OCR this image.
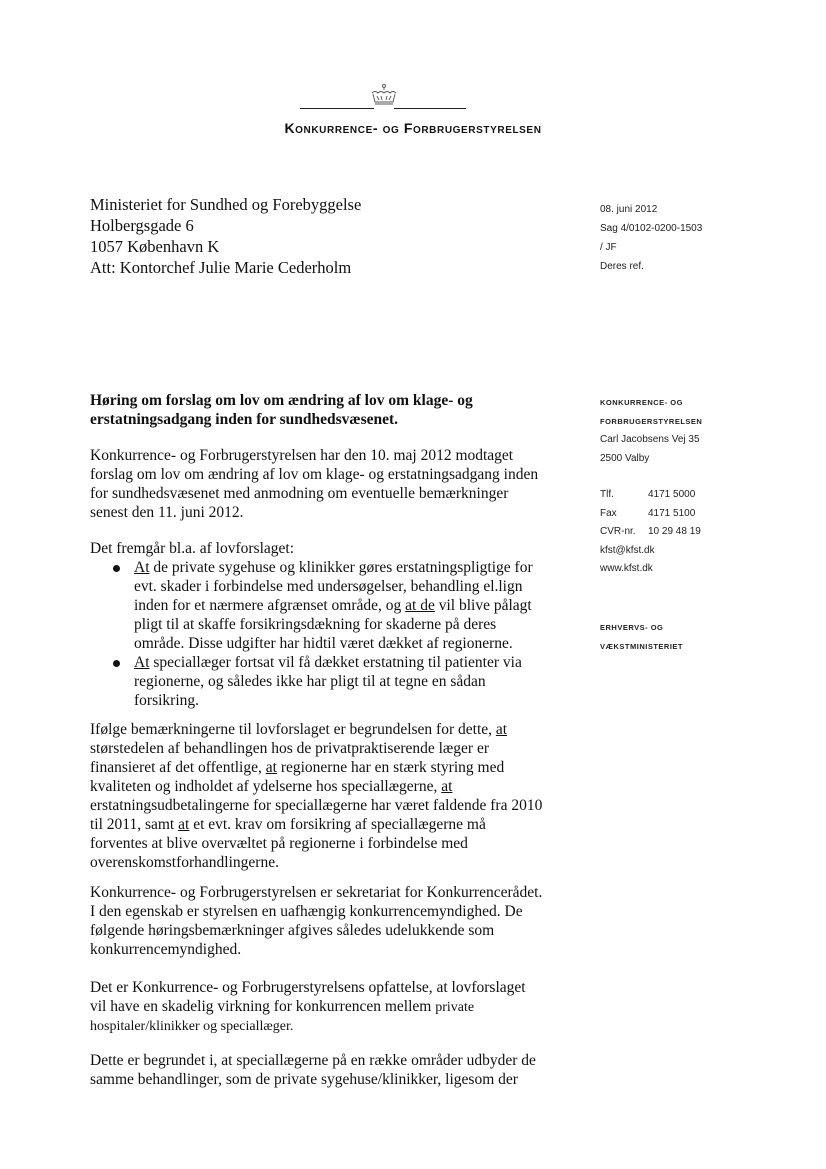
Konkurrence- og Forbrugerstyrelsen
Ministeriet for Sundhed og Forebyggelse
Holbergsgade 6
1057 København K
Att: Kontorchef Julie Marie Cederholm
08. juni 2012
Sag 4/0102-0200-1503
/ JF
Deres ref.
KONKURRENCE- OG
FORBRUGERSTYRELSEN
Carl Jacobsens Vej 35
2500 Valby
Tlf.	4171 5000
Fax	4171 5100
CVR-nr.	10 29 48 19
kfst@kfst.dk
www.kfst.dk
ERHVERVS- OG
VÆKSTMINISTERIET
Høring om forslag om lov om ændring af lov om klage- og
erstatningsadgang inden for sundhedsvæsenet.
Konkurrence- og Forbrugerstyrelsen har den 10. maj 2012 modtaget
forslag om lov om ændring af lov om klage- og erstatningsadgang inden
for sundhedsvæsenet med anmodning om eventuelle bemærkninger
senest den 11. juni 2012.
Det fremgår bl.a. af lovforslaget:
At de private sygehuse og klinikker gøres erstatningspligtige for
evt. skader i forbindelse med undersøgelser, behandling el.lign
inden for et nærmere afgrænset område, og at de vil blive pålagt
pligt til at skaffe forsikringsdækning for skaderne på deres
område. Disse udgifter har hidtil været dækket af regionerne.
At speciallæger fortsat vil få dækket erstatning til patienter via
regionerne, og således ikke har pligt til at tegne en sådan
forsikring.
Ifølge bemærkningerne til lovforslaget er begrundelsen for dette, at
størstedelen af behandlingen hos de privatpraktiserende læger er
finansieret af det offentlige, at regionerne har en stærk styring med
kvaliteten og indholdet af ydelserne hos speciallægerne, at
erstatningsudbetalingerne for speciallægerne har været faldende fra 2010
til 2011, samt at et evt. krav om forsikring af speciallægerne må
forventes at blive overvæltet på regionerne i forbindelse med
overenskomstforhandlingerne.
Konkurrence- og Forbrugerstyrelsen er sekretariat for Konkurrencerådet.
I den egenskab er styrelsen en uafhængig konkurrencemyndighed. De
følgende høringsbemærkninger afgives således udelukkende som
konkurrencemyndighed.
Det er Konkurrence- og Forbrugerstyrelsens opfattelse, at lovforslaget
vil have en skadelig virkning for konkurrencen mellem private
hospitaler/klinikker og speciallæger.
Dette er begrundet i, at speciallægerne på en række områder udbyder de
samme behandlinger, som de private sygehuse/klinikker, ligesom der
